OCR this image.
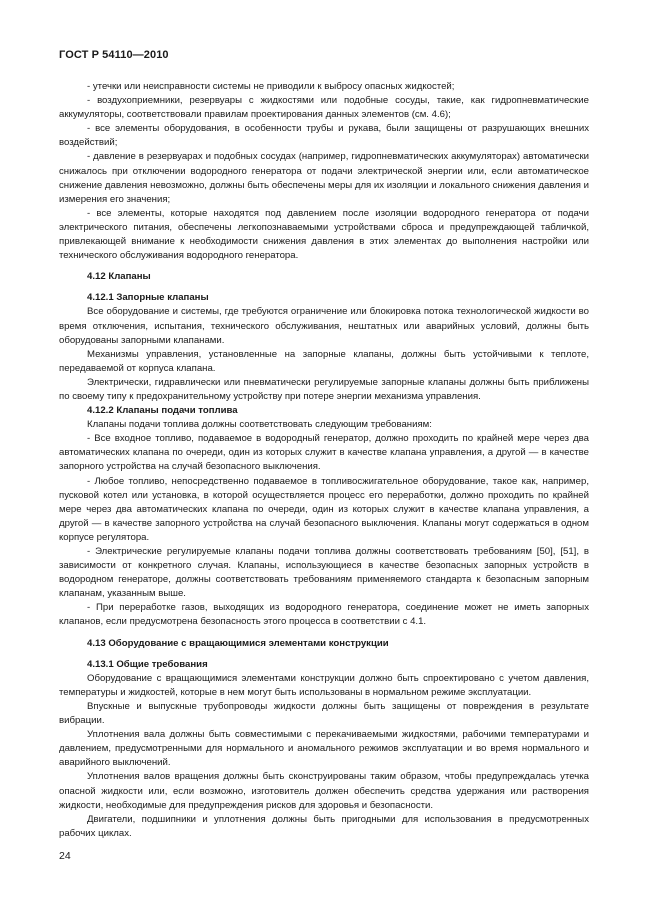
ГОСТ Р 54110—2010

- утечки или неисправности системы не приводили к выбросу опасных жидкостей;

- воздухоприемники, резервуары с жидкостями или подобные сосуды, такие, как гидропневматические аккумуляторы, соответствовали правилам проектирования данных элементов (см. 4.6);

- все элементы оборудования, в особенности трубы и рукава, были защищены от разрушающих внешних воздействий;

- давление в резервуарах и подобных сосудах (например, гидропневматических аккумуляторах) автоматически снижалось при отключении водородного генератора от подачи электрической энергии или, если автоматическое снижение давления невозможно, должны быть обеспечены меры для их изоляции и локального снижения давления и измерения его значения;

- все элементы, которые находятся под давлением после изоляции водородного генератора от подачи электрического питания, обеспечены легкопознаваемыми устройствами сброса и предупреждающей табличкой, привлекающей внимание к необходимости снижения давления в этих элементах до выполнения настройки или технического обслуживания водородного генератора.

4.12 Клапаны

4.12.1 Запорные клапаны

Все оборудование и системы, где требуются ограничение или блокировка потока технологической жидкости во время отключения, испытания, технического обслуживания, нештатных или аварийных условий, должны быть оборудованы запорными клапанами.

Механизмы управления, установленные на запорные клапаны, должны быть устойчивыми к теплоте, передаваемой от корпуса клапана.

Электрически, гидравлически или пневматически регулируемые запорные клапаны должны быть приближены по своему типу к предохранительному устройству при потере энергии механизма управления.

4.12.2 Клапаны подачи топлива

Клапаны подачи топлива должны соответствовать следующим требованиям:

- Все входное топливо, подаваемое в водородный генератор, должно проходить по крайней мере через два автоматических клапана по очереди, один из которых служит в качестве клапана управления, а другой — в качестве запорного устройства на случай безопасного выключения.

- Любое топливо, непосредственно подаваемое в топливосжигательное оборудование, такое как, например, пусковой котел или установка, в которой осуществляется процесс его переработки, должно проходить по крайней мере через два автоматических клапана по очереди, один из которых служит в качестве клапана управления, а другой — в качестве запорного устройства на случай безопасного выключения. Клапаны могут содержаться в одном корпусе регулятора.

- Электрические регулируемые клапаны подачи топлива должны соответствовать требованиям [50], [51], в зависимости от конкретного случая. Клапаны, использующиеся в качестве безопасных запорных устройств в водородном генераторе, должны соответствовать требованиям применяемого стандарта к безопасным запорным клапанам, указанным выше.

- При переработке газов, выходящих из водородного генератора, соединение может не иметь запорных клапанов, если предусмотрена безопасность этого процесса в соответствии с 4.1.

4.13 Оборудование с вращающимися элементами конструкции

4.13.1 Общие требования

Оборудование с вращающимися элементами конструкции должно быть спроектировано с учетом давления, температуры и жидкостей, которые в нем могут быть использованы в нормальном режиме эксплуатации.

Впускные и выпускные трубопроводы жидкости должны быть защищены от повреждения в результате вибрации.

Уплотнения вала должны быть совместимыми с перекачиваемыми жидкостями, рабочими температурами и давлением, предусмотренными для нормального и аномального режимов эксплуатации и во время нормального и аварийного выключений.

Уплотнения валов вращения должны быть сконструированы таким образом, чтобы предупреждалась утечка опасной жидкости или, если возможно, изготовитель должен обеспечить средства удержания или растворения жидкости, необходимые для предупреждения рисков для здоровья и безопасности.

Двигатели, подшипники и уплотнения должны быть пригодными для использования в предусмотренных рабочих циклах.

24
